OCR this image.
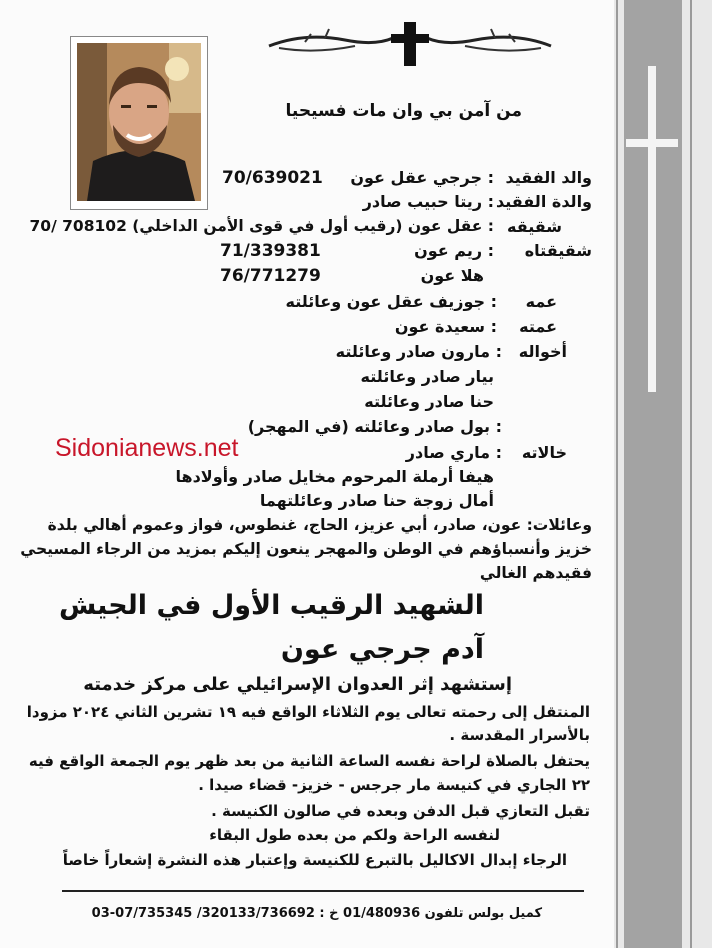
من آمن بي وان مات فسيحيا
والد الفقيد
: جرجي عقل عون
70/639021
والدة الفقيد
: ريتا حبيب صادر
شقيقه
: عقل عون (رقيب أول في قوى الأمن الداخلي) 708102 /70
شقيقتاه
: ريم عون
71/339381
هلا عون
76/771279
عمه
: جوزيف عقل عون وعائلته
عمته
: سعيدة عون
أخواله
: مارون صادر وعائلته
بيار صادر وعائلته
حنا صادر وعائلته
: بول صادر وعائلته (في المهجر)
Sidonianews.net	خالاته
: ماري صادر
هيفا أرملة المرحوم مخايل صادر وأولادها
أمال زوجة حنا صادر وعائلتهما
وعائلات: عون، صادر، أبي عزيز، الحاج، غنطوس، فواز وعموم أهالي بلدة
خزيز وأنسباؤهم في الوطن والمهجر ينعون إليكم بمزيد من الرجاء المسيحي
فقيدهم الغالي
الشهيد الرقيب الأول في الجيش
آدم جرجي عون
إستشهد إثر العدوان الإسرائيلي على مركز خدمته
المنتقل إلى رحمته تعالى يوم الثلاثاء الواقع فيه ١٩ تشرين الثاني ٢٠٢٤ مزودا
بالأسرار المقدسة .
يحتفل بالصلاة لراحة نفسه الساعة الثانية من بعد ظهر يوم الجمعة الواقع فيه
٢٢ الجاري في كنيسة مار جرجس - خزيز- قضاء صيدا .
تقبل التعازي قبل الدفن وبعده في صالون الكنيسة .
لنفسه الراحة ولكم من بعده طول البقاء
الرجاء إبدال الاكاليل بالتبرع للكنيسة وإعتبار هذه النشرة إشعاراً خاصاً
كميل بولس تلفون 01/480936 خ : 320133/736692/ 07/735345-03
